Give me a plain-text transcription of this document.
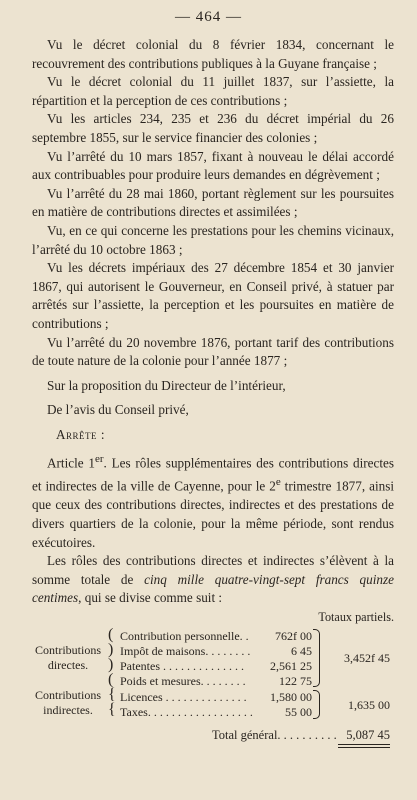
— 464 —

Vu le décret colonial du 8 février 1834, concernant le recouvrement des contributions publiques à la Guyane française ;

Vu le décret colonial du 11 juillet 1837, sur l’assiette, la répartition et la perception de ces contributions ;

Vu les articles 234, 235 et 236 du décret impérial du 26 septembre 1855, sur le service financier des colonies ;

Vu l’arrêté du 10 mars 1857, fixant à nouveau le délai accordé aux contribuables pour produire leurs demandes en dégrèvement ;

Vu l’arrêté du 28 mai 1860, portant règlement sur les poursuites en matière de contributions directes et assimilées ;

Vu, en ce qui concerne les prestations pour les chemins vicinaux, l’arrêté du 10 octobre 1863 ;

Vu les décrets impériaux des 27 décembre 1854 et 30 janvier 1867, qui autorisent le Gouverneur, en Conseil privé, à statuer par arrêtés sur l’assiette, la perception et les poursuites en matière de contributions ;

Vu l’arrêté du 20 novembre 1876, portant tarif des contributions de toute nature de la colonie pour l’année 1877 ;

Sur la proposition du Directeur de l’intérieur,

De l’avis du Conseil privé,

Arrête :

Article 1er. Les rôles supplémentaires des contributions directes et indirectes de la ville de Cayenne, pour le 2e trimestre 1877, ainsi que ceux des contributions directes, indirectes et des prestations de divers quartiers de la colonie, pour la même période, sont rendus exécutoires.

Les rôles des contributions directes et indirectes s’élèvent à la somme totale de cinq mille quatre-vingt-sept francs quinze centimes, qui se divise comme suit :

Totaux partiels.

Contributions
directes.
(
)
)
(
Contribution personnelle. .
Impôt de maisons. . . . . . . .
Patentes . . . . . . . . . . . . . .
Poids et mesures. . . . . . . .
762f 00
6 45
2,561 25
122 75
3,452f 45
Contributions
indirectes.
{
{
Licences . . . . . . . . . . . . . .
Taxes. . . . . . . . . . . . . . . . . .
1,580 00
55 00	1,635 00
Total général. . . . . . . . . . 5,087 45
